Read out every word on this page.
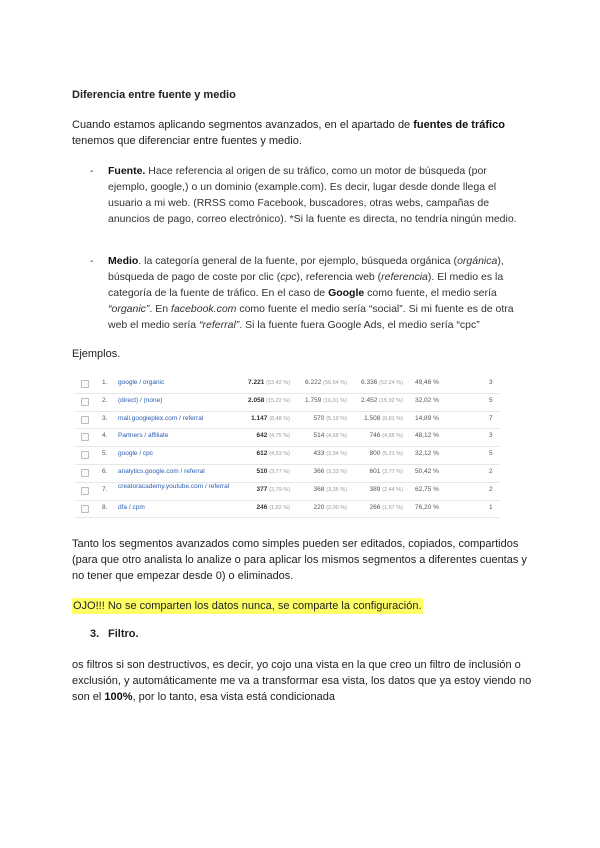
Diferencia entre fuente y medio
Cuando estamos aplicando segmentos avanzados, en el apartado de fuentes de tráfico tenemos que diferenciar entre fuentes y medio.
- Fuente. Hace referencia al origen de su tráfico, como un motor de búsqueda (por ejemplo, google,) o un dominio (example.com). Es decir, lugar desde donde llega el usuario a mi web. (RRSS como Facebook, buscadores, otras webs, campañas de anuncios de pago, correo electrónico). *Si la fuente es directa, no tendría ningún medio.
- Medio. la categoría general de la fuente, por ejemplo, búsqueda orgánica (orgánica), búsqueda de pago de coste por clic (cpc), referencia web (referencia). El medio es la categoría de la fuente de tráfico. En el caso de Google como fuente, el medio sería “organic”. En facebook.com como fuente el medio sería “social”. Si mi fuente es de otra web el medio sería “referral”. Si la fuente fuera Google Ads, el medio sería “cpc”
Ejemplos.
1. google / organic	7.221 (53,42 %)	6.222 (56,54 %)	6.336 (52,24 %) 49,46 %	3
2. (direct) / (none)	2.058 (15,22 %)	1.759 (16,01 %)	2.452 (15,92 %) 32,02 %	5
3. mall.googleplex.com / referral	1.147 (8,48 %)	570 (5,19 %)	1.508 (9,81 %) 14,89 %	7
4. Partners / affiliate	642 (4,75 %)	514 (4,68 %)	746 (4,85 %) 48,12 %	3
5. google / cpc	612 (4,53 %)	433 (3,94 %)	800 (5,21 %) 32,12 %	5
6. analytics.google.com / referral	510 (3,77 %)	366 (3,33 %)	601 (3,77 %) 50,42 %	2
7. creatoracademy.youtube.com / referral	377 (2,79 %)	368 (3,35 %)	389 (2,44 %) 62,75 %	2
8. dfa / cpm	246 (1,82 %)	220 (2,00 %)	266 (1,57 %) 76,20 %	1
Tanto los segmentos avanzados como simples pueden ser editados, copiados, compartidos (para que otro analista lo analize o para aplicar los mismos segmentos a diferentes cuentas y no tener que empezar desde 0) o eliminados.
OJO!!! No se comparten los datos nunca, se comparte la configuración.
3. Filtro.
os filtros si son destructivos, es decir, yo cojo una vista en la que creo un filtro de inclusión o exclusión, y automáticamente me va a transformar esa vista, los datos que ya estoy viendo no son el 100%, por lo tanto, esa vista está condicionada
